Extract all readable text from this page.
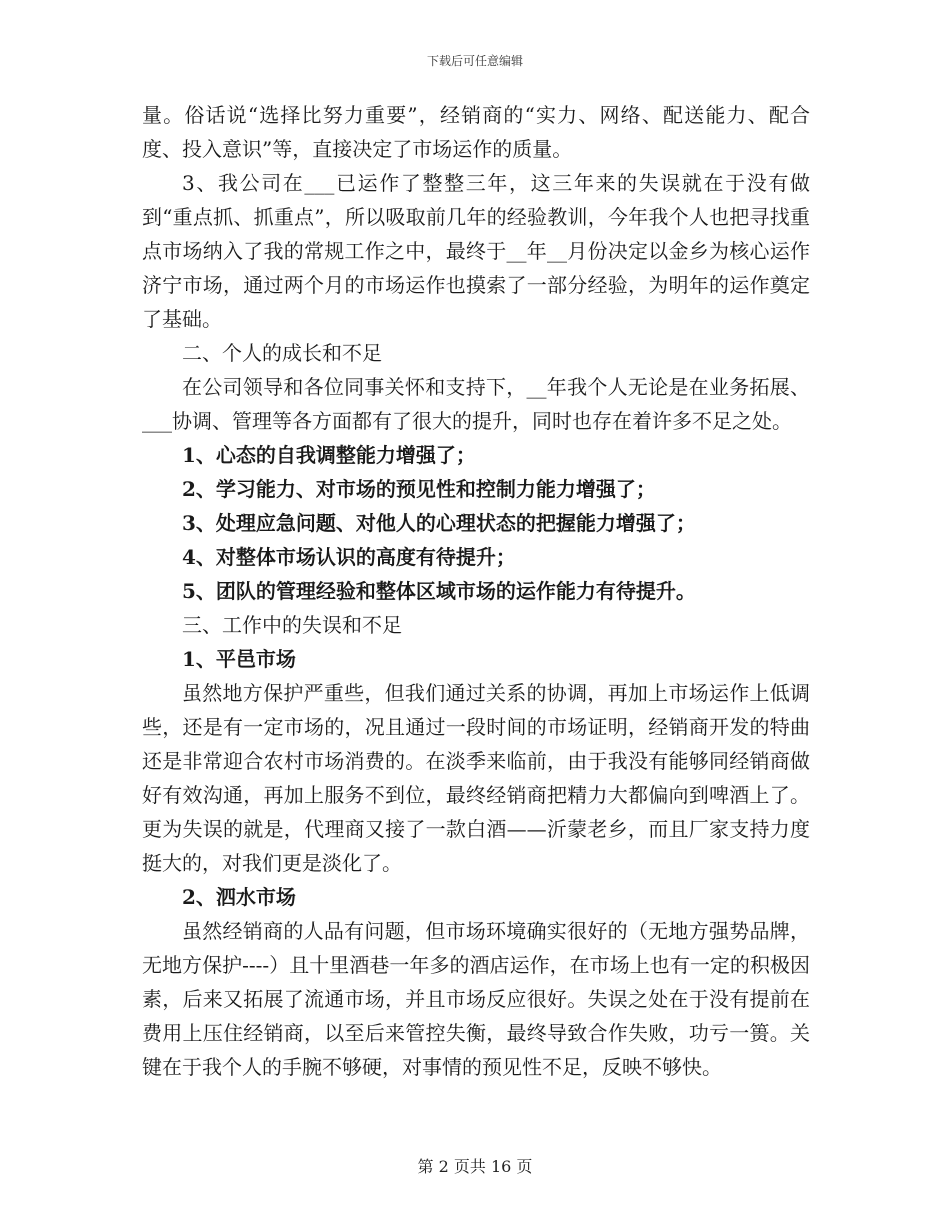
下载后可任意编辑

量。俗话说“选择比努力重要”，经销商的“实力、网络、配送能力、配合度、投入意识”等，直接决定了市场运作的质量。

3、我公司在___已运作了整整三年，这三年来的失误就在于没有做到“重点抓、抓重点”，所以吸取前几年的经验教训，今年我个人也把寻找重点市场纳入了我的常规工作之中，最终于__年__月份决定以金乡为核心运作济宁市场，通过两个月的市场运作也摸索了一部分经验，为明年的运作奠定了基础。

二、个人的成长和不足

在公司领导和各位同事关怀和支持下，__年我个人无论是在业务拓展、___协调、管理等各方面都有了很大的提升，同时也存在着许多不足之处。

1、心态的自我调整能力增强了；

2、学习能力、对市场的预见性和控制力能力增强了；

3、处理应急问题、对他人的心理状态的把握能力增强了；

4、对整体市场认识的高度有待提升；

5、团队的管理经验和整体区域市场的运作能力有待提升。

三、工作中的失误和不足

1、平邑市场

虽然地方保护严重些，但我们通过关系的协调，再加上市场运作上低调些，还是有一定市场的，况且通过一段时间的市场证明，经销商开发的特曲还是非常迎合农村市场消费的。在淡季来临前，由于我没有能够同经销商做好有效沟通，再加上服务不到位，最终经销商把精力大都偏向到啤酒上了。更为失误的就是，代理商又接了一款白酒——沂蒙老乡，而且厂家支持力度挺大的，对我们更是淡化了。

2、泗水市场

虽然经销商的人品有问题，但市场环境确实很好的（无地方强势品牌，无地方保护----）且十里酒巷一年多的酒店运作，在市场上也有一定的积极因素，后来又拓展了流通市场，并且市场反应很好。失误之处在于没有提前在费用上压住经销商，以至后来管控失衡，最终导致合作失败，功亏一篑。关键在于我个人的手腕不够硬，对事情的预见性不足，反映不够快。

第 2 页共 16 页
